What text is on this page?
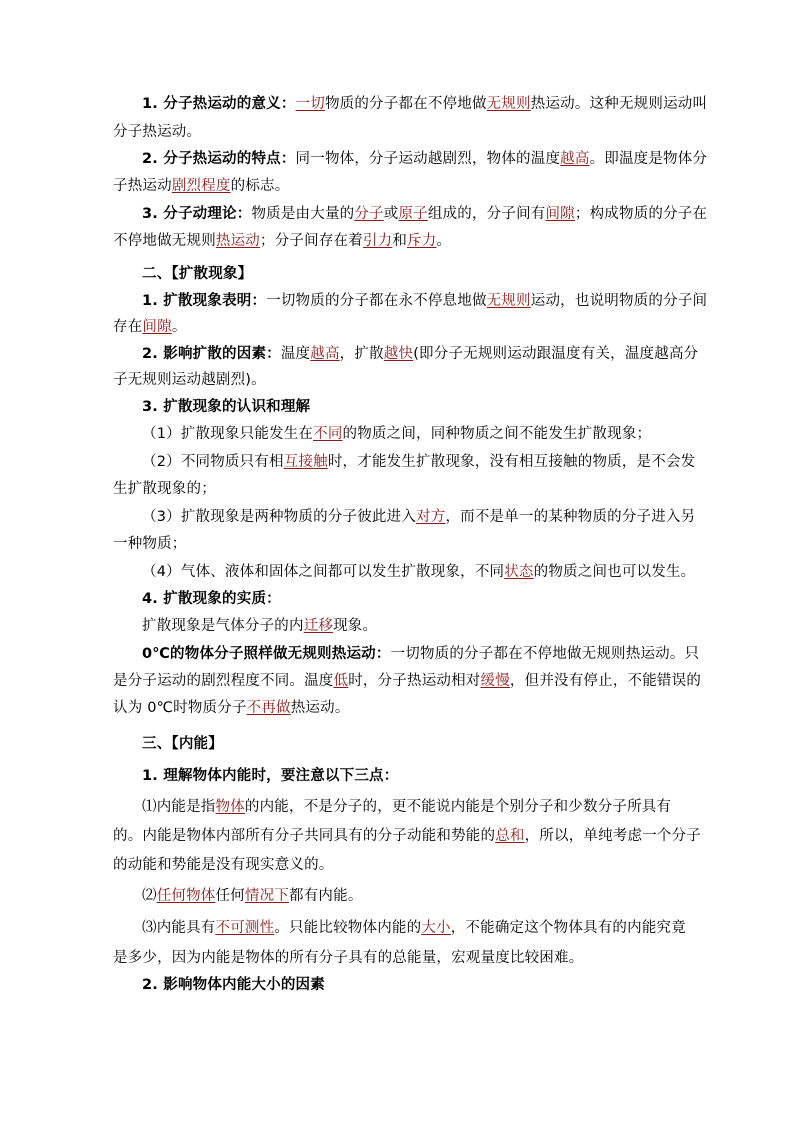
1. 分子热运动的意义：一切物质的分子都在不停地做无规则热运动。这种无规则运动叫
分子热运动。
2. 分子热运动的特点：同一物体，分子运动越剧烈，物体的温度越高。即温度是物体分
子热运动剧烈程度的标志。
3. 分子动理论：物质是由大量的分子或原子组成的，分子间有间隙；构成物质的分子在
不停地做无规则热运动；分子间存在着引力和斥力。
二、【扩散现象】
1. 扩散现象表明：一切物质的分子都在永不停息地做无规则运动，也说明物质的分子间
存在间隙。
2. 影响扩散的因素：温度越高，扩散越快(即分子无规则运动跟温度有关，温度越高分
子无规则运动越剧烈)。
3. 扩散现象的认识和理解
（1）扩散现象只能发生在不同的物质之间，同种物质之间不能发生扩散现象；
（2）不同物质只有相互接触时，才能发生扩散现象，没有相互接触的物质，是不会发
生扩散现象的；
（3）扩散现象是两种物质的分子彼此进入对方，而不是单一的某种物质的分子进入另
一种物质；
（4）气体、液体和固体之间都可以发生扩散现象，不同状态的物质之间也可以发生。
4. 扩散现象的实质：
扩散现象是气体分子的内迁移现象。
0℃的物体分子照样做无规则热运动：一切物质的分子都在不停地做无规则热运动。只
是分子运动的剧烈程度不同。温度低时，分子热运动相对缓慢，但并没有停止，不能错误的
认为 0℃时物质分子不再做热运动。
三、【内能】
1. 理解物体内能时，要注意以下三点：
⑴内能是指物体的内能，不是分子的，更不能说内能是个别分子和少数分子所具有
的。内能是物体内部所有分子共同具有的分子动能和势能的总和，所以，单纯考虑一个分子
的动能和势能是没有现实意义的。
⑵任何物体任何情况下都有内能。
⑶内能具有不可测性。只能比较物体内能的大小，不能确定这个物体具有的内能究竟
是多少，因为内能是物体的所有分子具有的总能量，宏观量度比较困难。
2. 影响物体内能大小的因素
